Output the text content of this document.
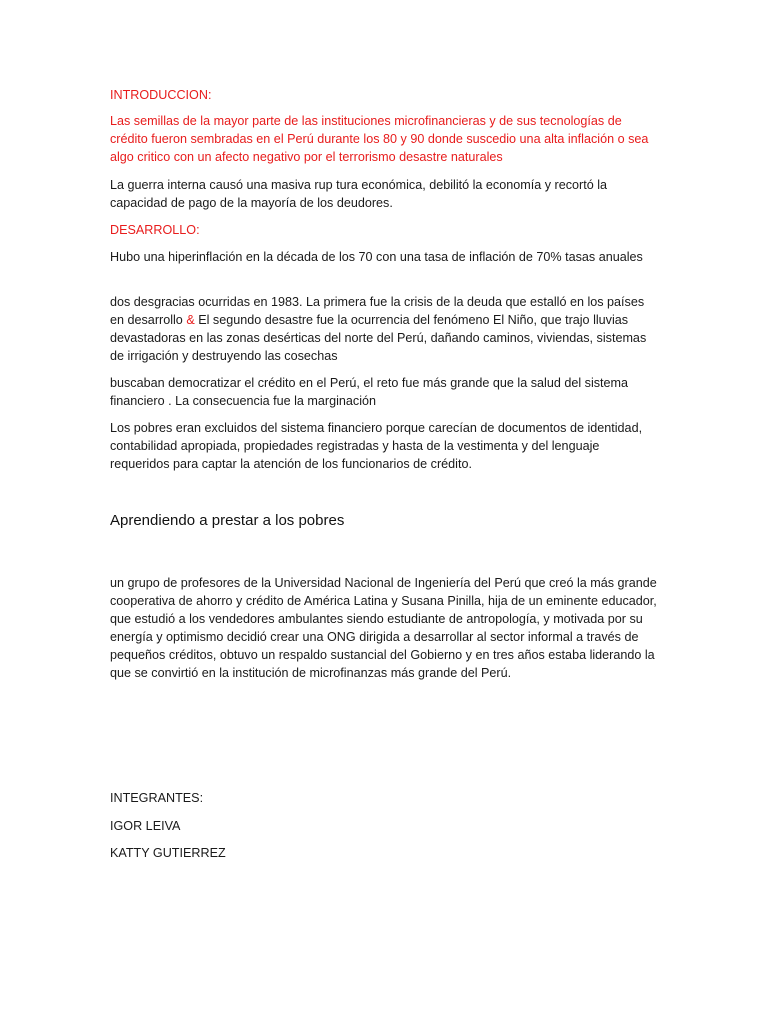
INTRODUCCION:

Las semillas de la mayor parte de las instituciones microfinancieras y de sus tecnologías de crédito fueron sembradas en el Perú durante los 80 y 90 donde suscedio una alta inflación o sea algo critico con un afecto negativo por el terrorismo desastre naturales

La guerra interna causó una masiva rup tura económica, debilitó la economía y recortó la capacidad de pago de la mayoría de los deudores.

DESARROLLO:

Hubo una hiperinflación en la década de los 70 con una tasa de inflación de 70% tasas anuales

dos desgracias ocurridas en 1983. La primera fue la crisis de la deuda que estalló en los países en desarrollo & El segundo desastre fue la ocurrencia del fenómeno El Niño, que trajo lluvias devastadoras en las zonas desérticas del norte del Perú, dañando caminos, viviendas, sistemas de irrigación y destruyendo las cosechas

buscaban democratizar el crédito en el Perú, el reto fue más grande que la salud del sistema financiero . La consecuencia fue la marginación

Los pobres eran excluidos del sistema financiero porque carecían de documentos de identidad, contabilidad apropiada, propiedades registradas y hasta de la vestimenta y del lenguaje requeridos para captar la atención de los funcionarios de crédito.

Aprendiendo a prestar a los pobres

un grupo de profesores de la Universidad Nacional de Ingeniería del Perú que creó la más grande cooperativa de ahorro y crédito de América Latina y Susana Pinilla, hija de un eminente educador, que estudió a los vendedores ambulantes siendo estudiante de antropología, y motivada por su energía y optimismo decidió crear una ONG dirigida a desarrollar al sector informal a través de pequeños créditos, obtuvo un respaldo sustancial del Gobierno y en tres años estaba liderando la que se convirtió en la institución de microfinanzas más grande del Perú.

INTEGRANTES:

IGOR LEIVA

KATTY GUTIERREZ
